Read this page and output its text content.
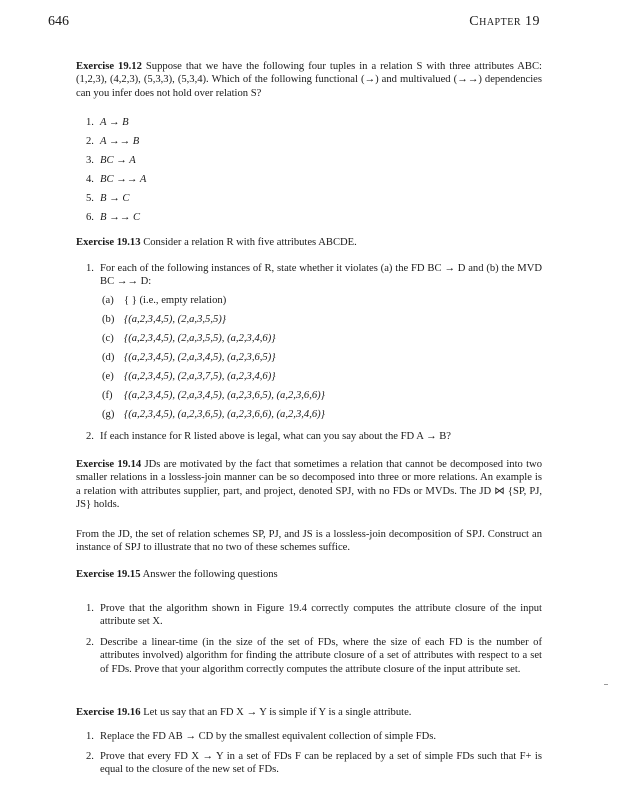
646	Chapter 19
Exercise 19.12 Suppose that we have the following four tuples in a relation S with three attributes ABC: (1,2,3), (4,2,3), (5,3,3), (5,3,4). Which of the following functional (→) and multivalued (→→) dependencies can you infer does not hold over relation S?
1. A → B
2. A →→ B
3. BC → A
4. BC →→ A
5. B → C
6. B →→ C
Exercise 19.13 Consider a relation R with five attributes ABCDE.
1. For each of the following instances of R, state whether it violates (a) the FD BC → D and (b) the MVD BC →→ D:
(a) { } (i.e., empty relation)
(b) {(a,2,3,4,5), (2,a,3,5,5)}
(c) {(a,2,3,4,5), (2,a,3,5,5), (a,2,3,4,6)}
(d) {(a,2,3,4,5), (2,a,3,4,5), (a,2,3,6,5)}
(e) {(a,2,3,4,5), (2,a,3,7,5), (a,2,3,4,6)}
(f) {(a,2,3,4,5), (2,a,3,4,5), (a,2,3,6,5), (a,2,3,6,6)}
(g) {(a,2,3,4,5), (a,2,3,6,5), (a,2,3,6,6), (a,2,3,4,6)}
2. If each instance for R listed above is legal, what can you say about the FD A → B?
Exercise 19.14 JDs are motivated by the fact that sometimes a relation that cannot be decomposed into two smaller relations in a lossless-join manner can be so decomposed into three or more relations. An example is a relation with attributes supplier, part, and project, denoted SPJ, with no FDs or MVDs. The JD ⋈ {SP, PJ, JS} holds.
From the JD, the set of relation schemes SP, PJ, and JS is a lossless-join decomposition of SPJ. Construct an instance of SPJ to illustrate that no two of these schemes suffice.
Exercise 19.15 Answer the following questions
1. Prove that the algorithm shown in Figure 19.4 correctly computes the attribute closure of the input attribute set X.
2. Describe a linear-time (in the size of the set of FDs, where the size of each FD is the number of attributes involved) algorithm for finding the attribute closure of a set of attributes with respect to a set of FDs. Prove that your algorithm correctly computes the attribute closure of the input attribute set.
Exercise 19.16 Let us say that an FD X → Y is simple if Y is a single attribute.
1. Replace the FD AB → CD by the smallest equivalent collection of simple FDs.
2. Prove that every FD X → Y in a set of FDs F can be replaced by a set of simple FDs such that F+ is equal to the closure of the new set of FDs.
